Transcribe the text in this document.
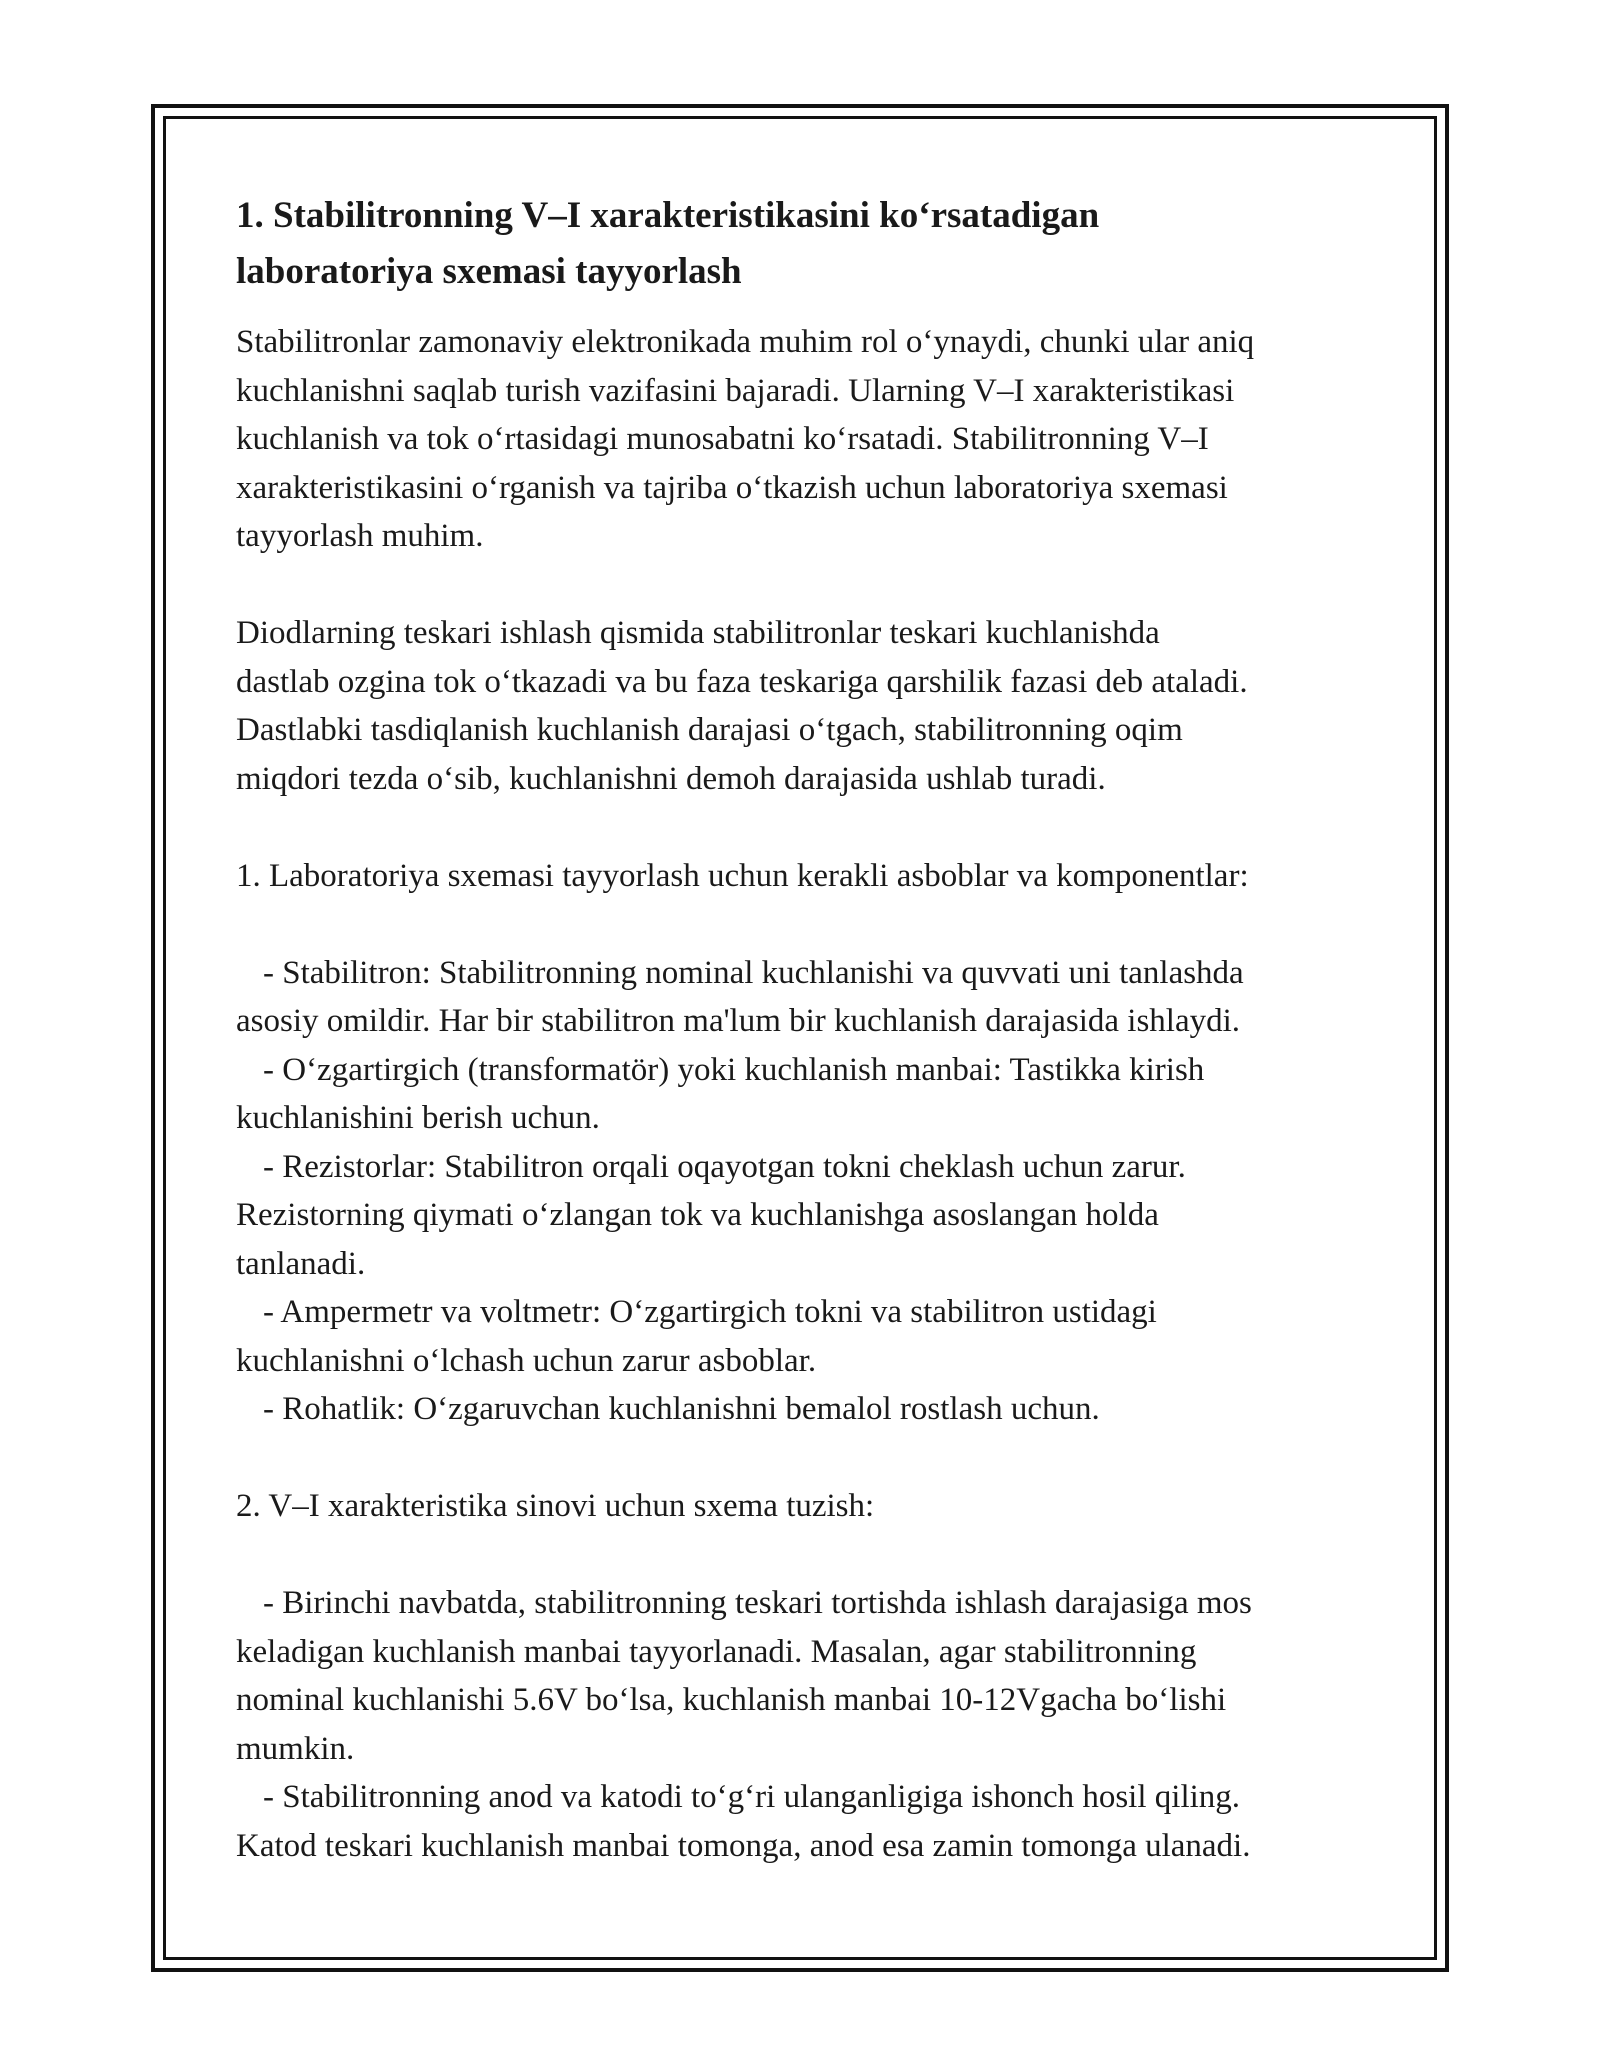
1. Stabilitronning V–I xarakteristikasini ko‘rsatadigan
laboratoriya sxemasi tayyorlash
Stabilitronlar zamonaviy elektronikada muhim rol o‘ynaydi, chunki ular aniq
kuchlanishni saqlab turish vazifasini bajaradi. Ularning V–I xarakteristikasi
kuchlanish va tok o‘rtasidagi munosabatni ko‘rsatadi. Stabilitronning V–I
xarakteristikasini o‘rganish va tajriba o‘tkazish uchun laboratoriya sxemasi
tayyorlash muhim.
Diodlarning teskari ishlash qismida stabilitronlar teskari kuchlanishda
dastlab ozgina tok o‘tkazadi va bu faza teskariga qarshilik fazasi deb ataladi.
Dastlabki tasdiqlanish kuchlanish darajasi o‘tgach, stabilitronning oqim
miqdori tezda o‘sib, kuchlanishni demoh darajasida ushlab turadi.
1. Laboratoriya sxemasi tayyorlash uchun kerakli asboblar va komponentlar:
- Stabilitron: Stabilitronning nominal kuchlanishi va quvvati uni tanlashda
asosiy omildir. Har bir stabilitron ma'lum bir kuchlanish darajasida ishlaydi.
- O‘zgartirgich (transformatör) yoki kuchlanish manbai: Tastikka kirish
kuchlanishini berish uchun.
- Rezistorlar: Stabilitron orqali oqayotgan tokni cheklash uchun zarur.
Rezistorning qiymati o‘zlangan tok va kuchlanishga asoslangan holda
tanlanadi.
- Ampermetr va voltmetr: O‘zgartirgich tokni va stabilitron ustidagi
kuchlanishni o‘lchash uchun zarur asboblar.
- Rohatlik: O‘zgaruvchan kuchlanishni bemalol rostlash uchun.
2. V–I xarakteristika sinovi uchun sxema tuzish:
- Birinchi navbatda, stabilitronning teskari tortishda ishlash darajasiga mos
keladigan kuchlanish manbai tayyorlanadi. Masalan, agar stabilitronning
nominal kuchlanishi 5.6V bo‘lsa, kuchlanish manbai 10-12Vgacha bo‘lishi
mumkin.
- Stabilitronning anod va katodi to‘g‘ri ulanganligiga ishonch hosil qiling.
Katod teskari kuchlanish manbai tomonga, anod esa zamin tomonga ulanadi.
